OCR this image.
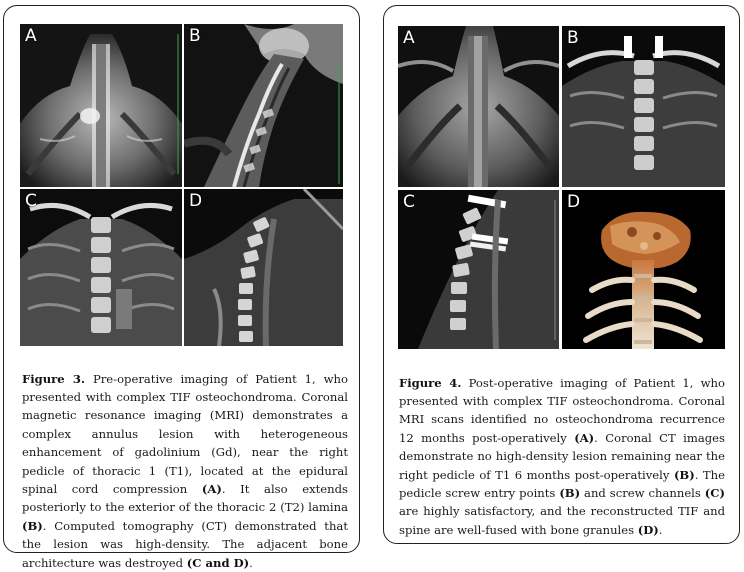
A	B
C	D

Figure 3. Pre-operative imaging of Patient 1, who presented with complex TIF osteochondroma. Coronal magnetic resonance imaging (MRI) demonstrates a complex annulus lesion with heterogeneous enhancement of gadolinium (Gd), near the right pedicle of thoracic 1 (T1), located at the epidural spinal cord compression (A). It also extends posteriorly to the exterior of the thoracic 2 (T2) lamina (B). Computed tomography (CT) demonstrated that the lesion was high-density. The adjacent bone architecture was destroyed (C and D).

A	B
C	D

Figure 4. Post-operative imaging of Patient 1, who presented with complex TIF osteochondroma. Coronal MRI scans identified no osteochondroma recurrence 12 months post-operatively (A). Coronal CT images demonstrate no high-density lesion remaining near the right pedicle of T1 6 months post-operatively (B). The pedicle screw entry points (B) and screw channels (C) are highly satisfactory, and the reconstructed TIF and spine are well-fused with bone granules (D).
